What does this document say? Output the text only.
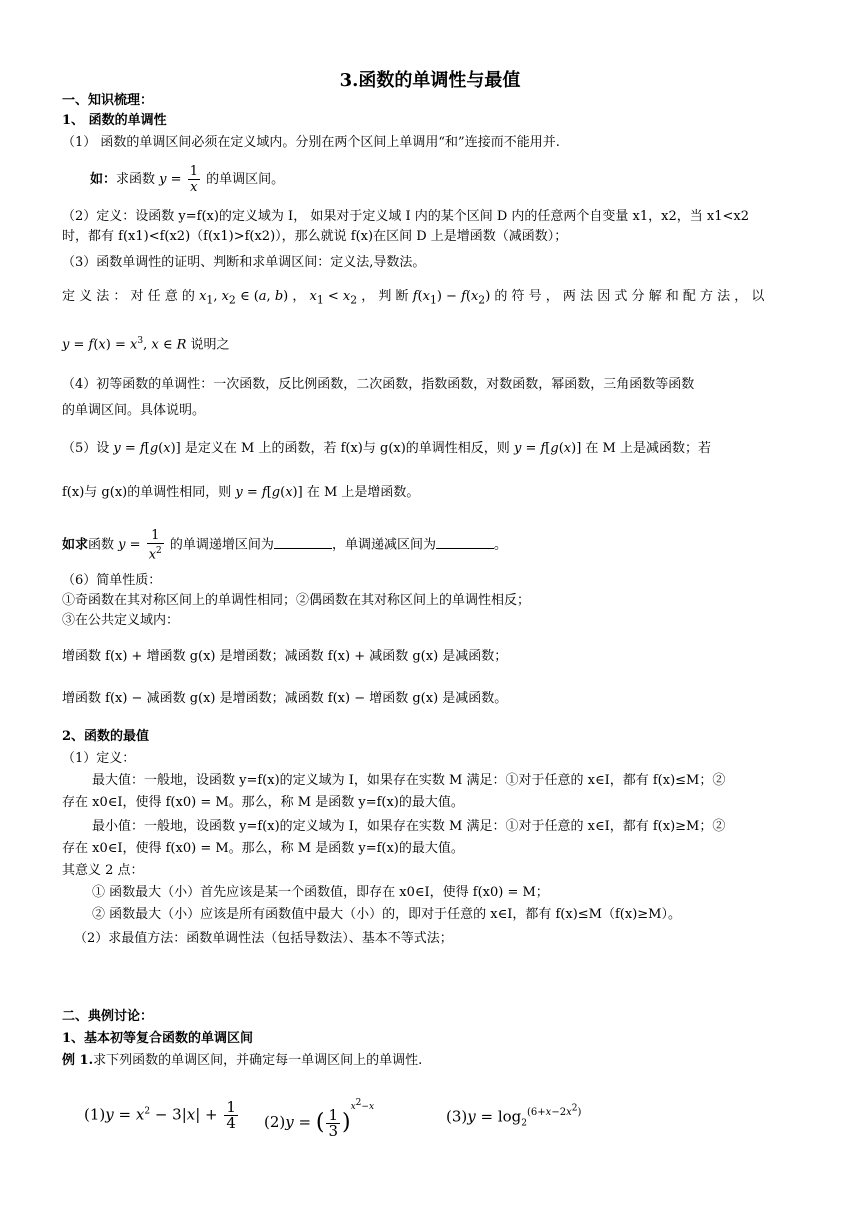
3.函数的单调性与最值
一、知识梳理：
1、 函数的单调性
（1） 函数的单调区间必须在定义域内。分别在两个区间上单调用“和”连接而不能用并.
如：求函数 $y = \frac{1}{x}$ 的单调区间。
（2）定义：设函数 y=f(x)的定义域为 I， 如果对于定义域 I 内的某个区间 D 内的任意两个自变量 x1，x2，当 x1<x2
时，都有 f(x1)<f(x2)（f(x1)>f(x2)），那么就说 f(x)在区间 D 上是增函数（减函数）；
（3）函数单调性的证明、判断和求单调区间：定义法,导数法。
定 义 法 ： 对 任 意 的 $x_1$, $x_2$ ∈ (a, b) ， $x_1 < x_2$ ， 判 断 $f(x_1) - f(x_2)$ 的 符 号 ， 两 法 因 式 分 解 和 配 方 法 ， 以
$y = f(x) = x^3$, x ∈ R 说明之
（4）初等函数的单调性：一次函数，反比例函数，二次函数，指数函数，对数函数，幂函数，三角函数等函数
的单调区间。具体说明。
（5）设 y = f[g(x)] 是定义在 M 上的函数，若 f(x)与 g(x)的单调性相反，则 y = f[g(x)] 在 M 上是减函数；若
f(x)与 g(x)的单调性相同，则 y = f[g(x)] 在 M 上是增函数。
如求函数 $y = \frac{1}{x^2}$ 的单调递增区间为	，单调递减区间为	。
（6）简单性质：
①奇函数在其对称区间上的单调性相同；②偶函数在其对称区间上的单调性相反；
③在公共定义域内：
增函数 f(x) + 增函数 g(x) 是增函数；减函数 f(x) + 减函数 g(x) 是减函数；
增函数 f(x) − 减函数 g(x) 是增函数；减函数 f(x) − 增函数 g(x) 是减函数。
2、函数的最值
（1）定义：
最大值：一般地，设函数 y=f(x)的定义域为 I，如果存在实数 M 满足：①对于任意的 x∈I，都有 f(x)≤M；②
存在 x0∈I，使得 f(x0) = M。那么，称 M 是函数 y=f(x)的最大值。
最小值：一般地，设函数 y=f(x)的定义域为 I，如果存在实数 M 满足：①对于任意的 x∈I，都有 f(x)≥M；②
存在 x0∈I，使得 f(x0) = M。那么，称 M 是函数 y=f(x)的最大值。
其意义 2 点：
① 函数最大（小）首先应该是某一个函数值，即存在 x0∈I，使得 f(x0) = M；
② 函数最大（小）应该是所有函数值中最大（小）的，即对于任意的 x∈I，都有 f(x)≤M（f(x)≥M）。
（2）求最值方法：函数单调性法（包括导数法）、基本不等式法；
二、典例讨论：
1、基本初等复合函数的单调区间
例 1.求下列函数的单调区间，并确定每一单调区间上的单调性.
$(1)y = x^2 - 3|x| + \frac{1}{4} (2)y$ = ( $\frac{1}{3} )^{x^2-x}$
$(3)y = \log_2^{(6+x-2x^2)}$
